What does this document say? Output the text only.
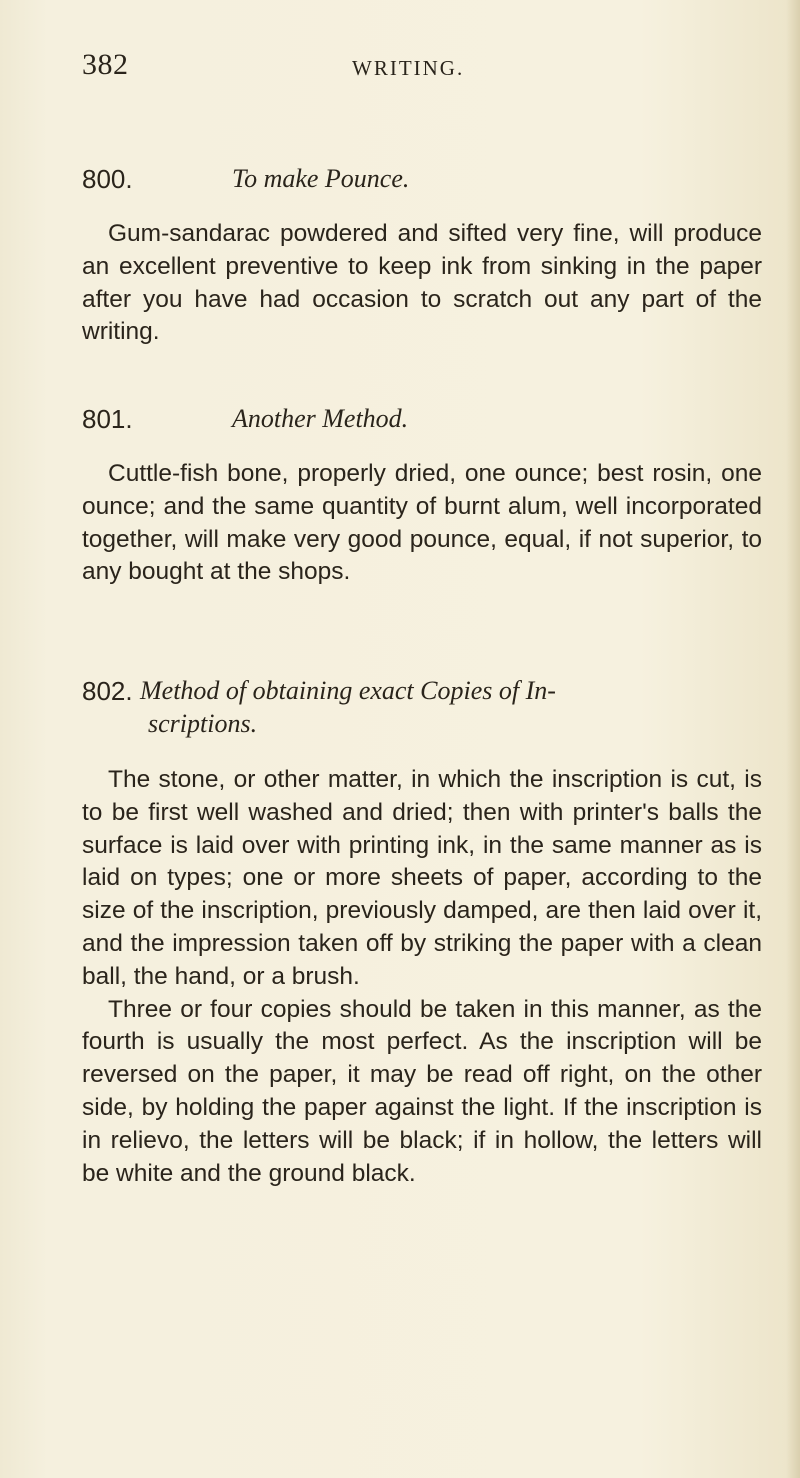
382	WRITING.
800.	To make Pounce.

Gum-sandarac powdered and sifted very fine, will produce an excellent preventive to keep ink from sinking in the paper after you have had occasion to scratch out any part of the writing.

801.	Another Method.

Cuttle-fish bone, properly dried, one ounce; best rosin, one ounce; and the same quantity of burnt alum, well incorporated together, will make very good pounce, equal, if not superior, to any bought at the shops.

802. Method of obtaining exact Copies of In-
scriptions.

The stone, or other matter, in which the inscription is cut, is to be first well washed and dried; then with printer's balls the surface is laid over with printing ink, in the same manner as is laid on types; one or more sheets of paper, according to the size of the inscription, previously damped, are then laid over it, and the impression taken off by striking the paper with a clean ball, the hand, or a brush.

Three or four copies should be taken in this manner, as the fourth is usually the most perfect. As the inscription will be reversed on the paper, it may be read off right, on the other side, by holding the paper against the light. If the inscription is in relievo, the letters will be black; if in hollow, the letters will be white and the ground black.
